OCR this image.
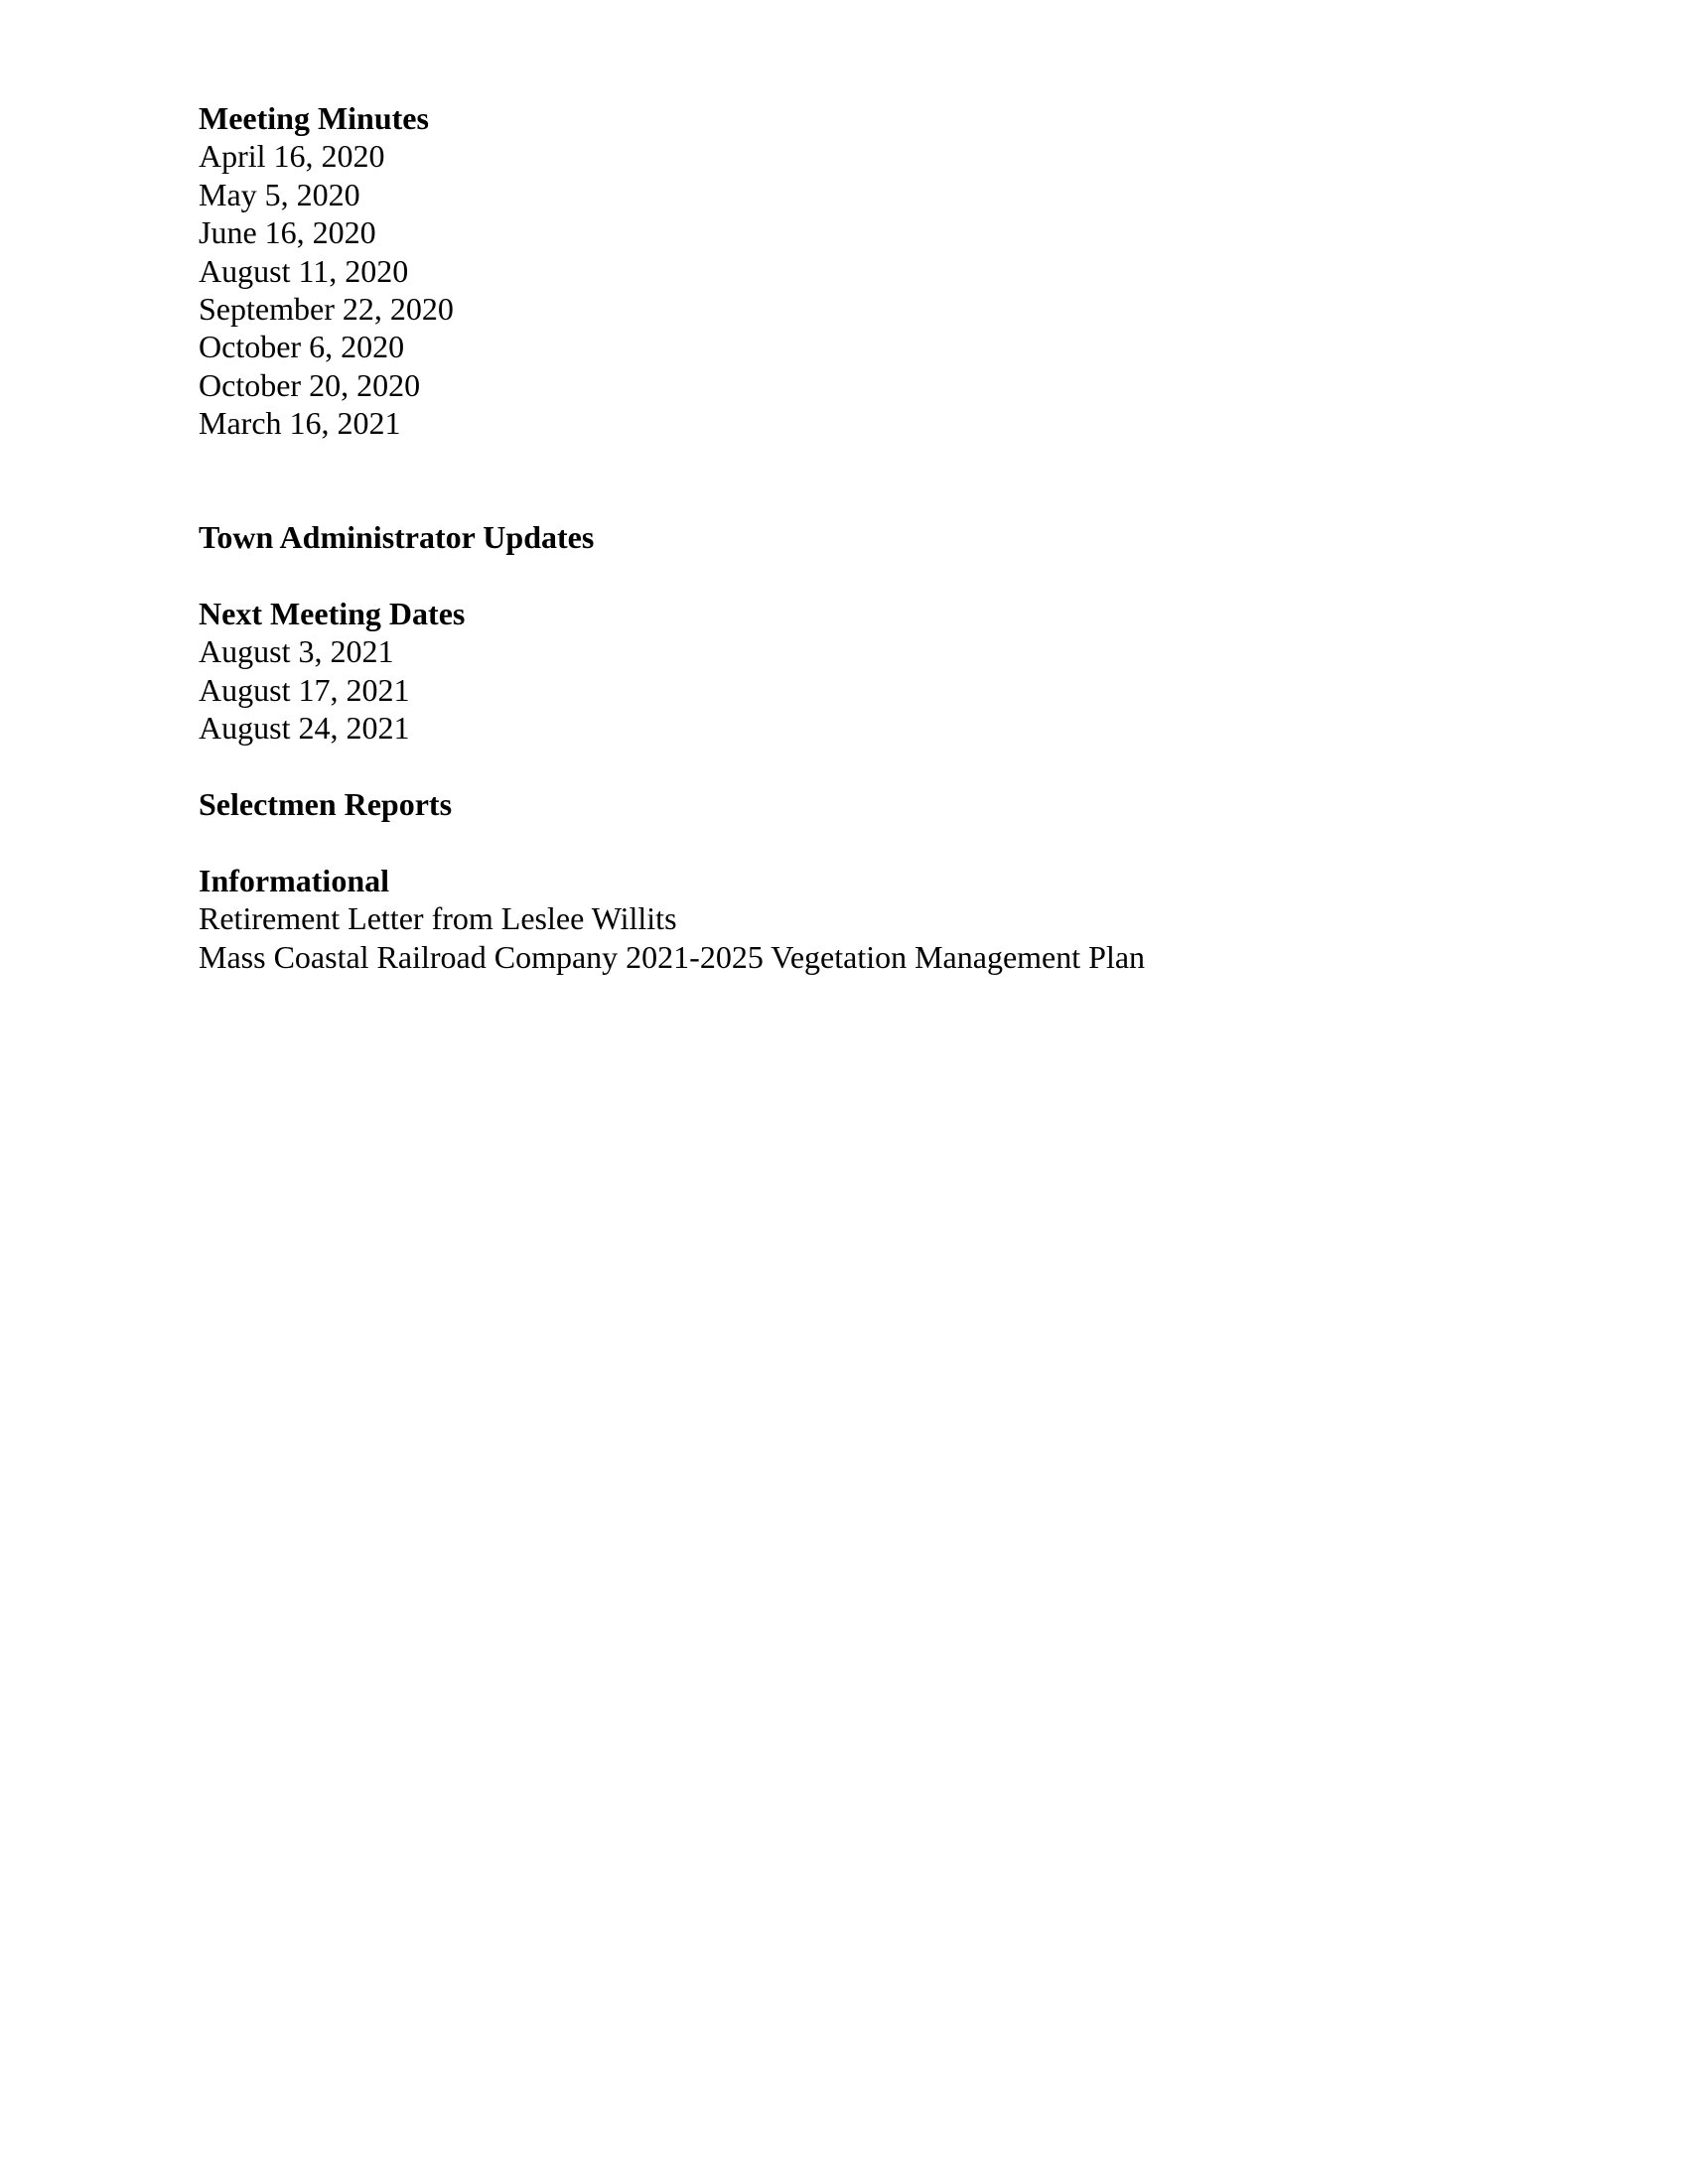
Meeting Minutes
April 16, 2020
May 5, 2020
June 16, 2020
August 11, 2020
September 22, 2020
October 6, 2020
October 20, 2020
March 16, 2021
Town Administrator Updates
Next Meeting Dates
August 3, 2021
August 17, 2021
August 24, 2021
Selectmen Reports
Informational
Retirement Letter from Leslee Willits
Mass Coastal Railroad Company 2021-2025 Vegetation Management Plan
